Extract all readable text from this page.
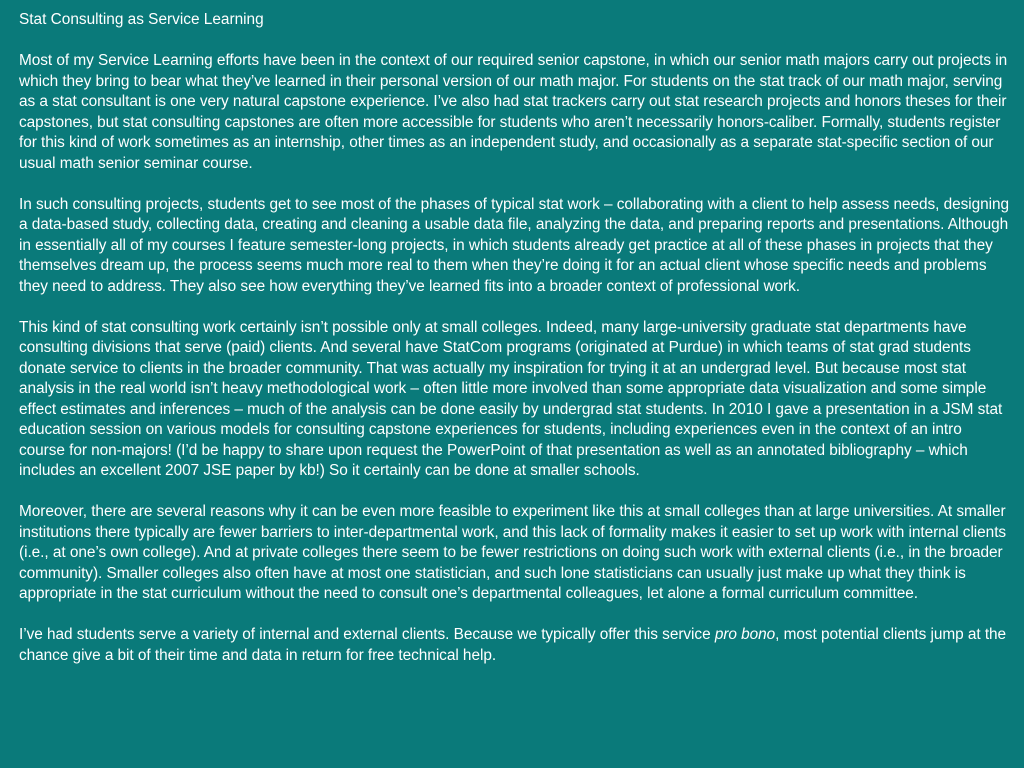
Stat Consulting as Service Learning

Most of my Service Learning efforts have been in the context of our required senior capstone, in which our senior math majors carry out projects in which they bring to bear what they’ve learned in their personal version of our math major. For students on the stat track of our math major, serving as a stat consultant is one very natural capstone experience. I’ve also had stat trackers carry out stat research projects and honors theses for their capstones, but stat consulting capstones are often more accessible for students who aren’t necessarily honors-caliber. Formally, students register for this kind of work sometimes as an internship, other times as an independent study, and occasionally as a separate stat-specific section of our usual math senior seminar course.

In such consulting projects, students get to see most of the phases of typical stat work – collaborating with a client to help assess needs, designing a data-based study, collecting data, creating and cleaning a usable data file, analyzing the data, and preparing reports and presentations. Although in essentially all of my courses I feature semester-long projects, in which students already get practice at all of these phases in projects that they themselves dream up, the process seems much more real to them when they’re doing it for an actual client whose specific needs and problems they need to address. They also see how everything they’ve learned fits into a broader context of professional work.

This kind of stat consulting work certainly isn’t possible only at small colleges. Indeed, many large-university graduate stat departments have consulting divisions that serve (paid) clients. And several have StatCom programs (originated at Purdue) in which teams of stat grad students donate service to clients in the broader community. That was actually my inspiration for trying it at an undergrad level. But because most stat analysis in the real world isn’t heavy methodological work – often little more involved than some appropriate data visualization and some simple effect estimates and inferences – much of the analysis can be done easily by undergrad stat students. In 2010 I gave a presentation in a JSM stat education session on various models for consulting capstone experiences for students, including experiences even in the context of an intro course for non-majors! (I’d be happy to share upon request the PowerPoint of that presentation as well as an annotated bibliography – which includes an excellent 2007 JSE paper by kb!) So it certainly can be done at smaller schools.

Moreover, there are several reasons why it can be even more feasible to experiment like this at small colleges than at large universities. At smaller institutions there typically are fewer barriers to inter-departmental work, and this lack of formality makes it easier to set up work with internal clients (i.e., at one’s own college). And at private colleges there seem to be fewer restrictions on doing such work with external clients (i.e., in the broader community). Smaller colleges also often have at most one statistician, and such lone statisticians can usually just make up what they think is appropriate in the stat curriculum without the need to consult one’s departmental colleagues, let alone a formal curriculum committee.

I’ve had students serve a variety of internal and external clients. Because we typically offer this service pro bono, most potential clients jump at the chance give a bit of their time and data in return for free technical help.
